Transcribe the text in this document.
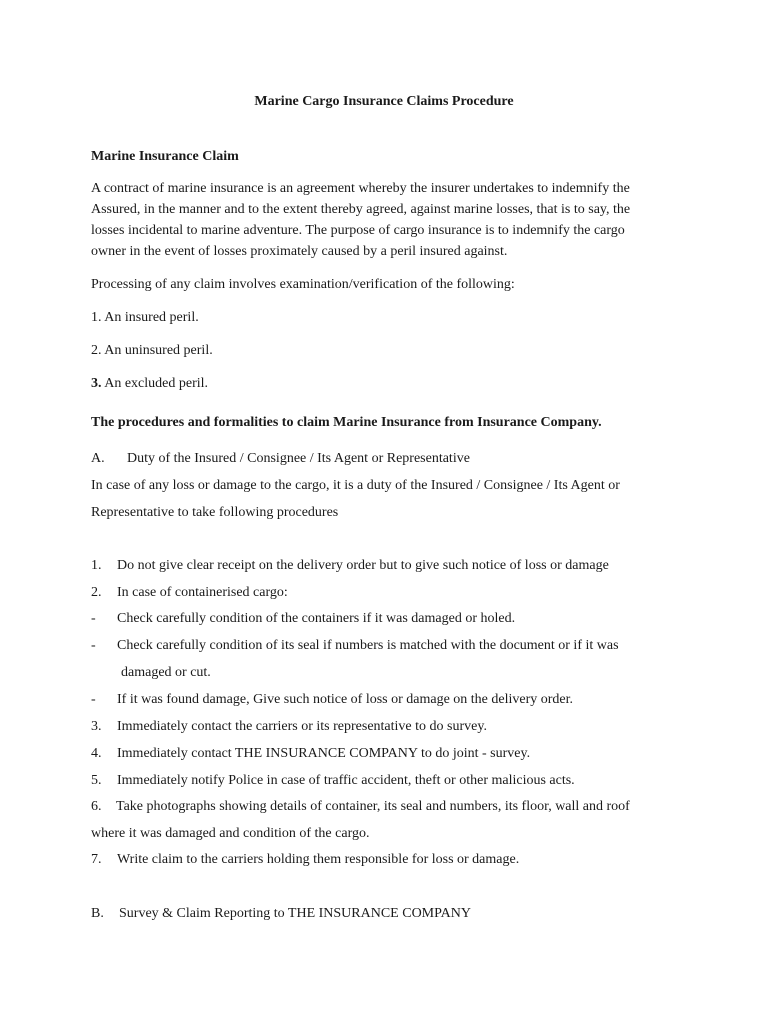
Marine Cargo Insurance Claims Procedure
Marine Insurance Claim
A contract of marine insurance is an agreement whereby the insurer undertakes to indemnify the
Assured, in the manner and to the extent thereby agreed, against marine losses, that is to say, the
losses incidental to marine adventure. The purpose of cargo insurance is to indemnify the cargo
owner in the event of losses proximately caused by a peril insured against.
Processing of any claim involves examination/verification of the following:
1. An insured peril.
2. An uninsured peril.
3. An excluded peril.
The procedures and formalities to claim Marine Insurance from Insurance Company.
A. Duty of the Insured / Consignee / Its Agent or Representative
In case of any loss or damage to the cargo, it is a duty of the Insured / Consignee / Its Agent or
Representative to take following procedures
1. Do not give clear receipt on the delivery order but to give such notice of loss or damage
2. In case of containerised cargo:
- Check carefully condition of the containers if it was damaged or holed.
- Check carefully condition of its seal if numbers is matched with the document or if it was
damaged or cut.
- If it was found damage, Give such notice of loss or damage on the delivery order.
3. Immediately contact the carriers or its representative to do survey.
4. Immediately contact THE INSURANCE COMPANY to do joint - survey.
5. Immediately notify Police in case of traffic accident, theft or other malicious acts.
6. Take photographs showing details of container, its seal and numbers, its floor, wall and roof
where it was damaged and condition of the cargo.
7. Write claim to the carriers holding them responsible for loss or damage.
B. Survey & Claim Reporting to THE INSURANCE COMPANY
